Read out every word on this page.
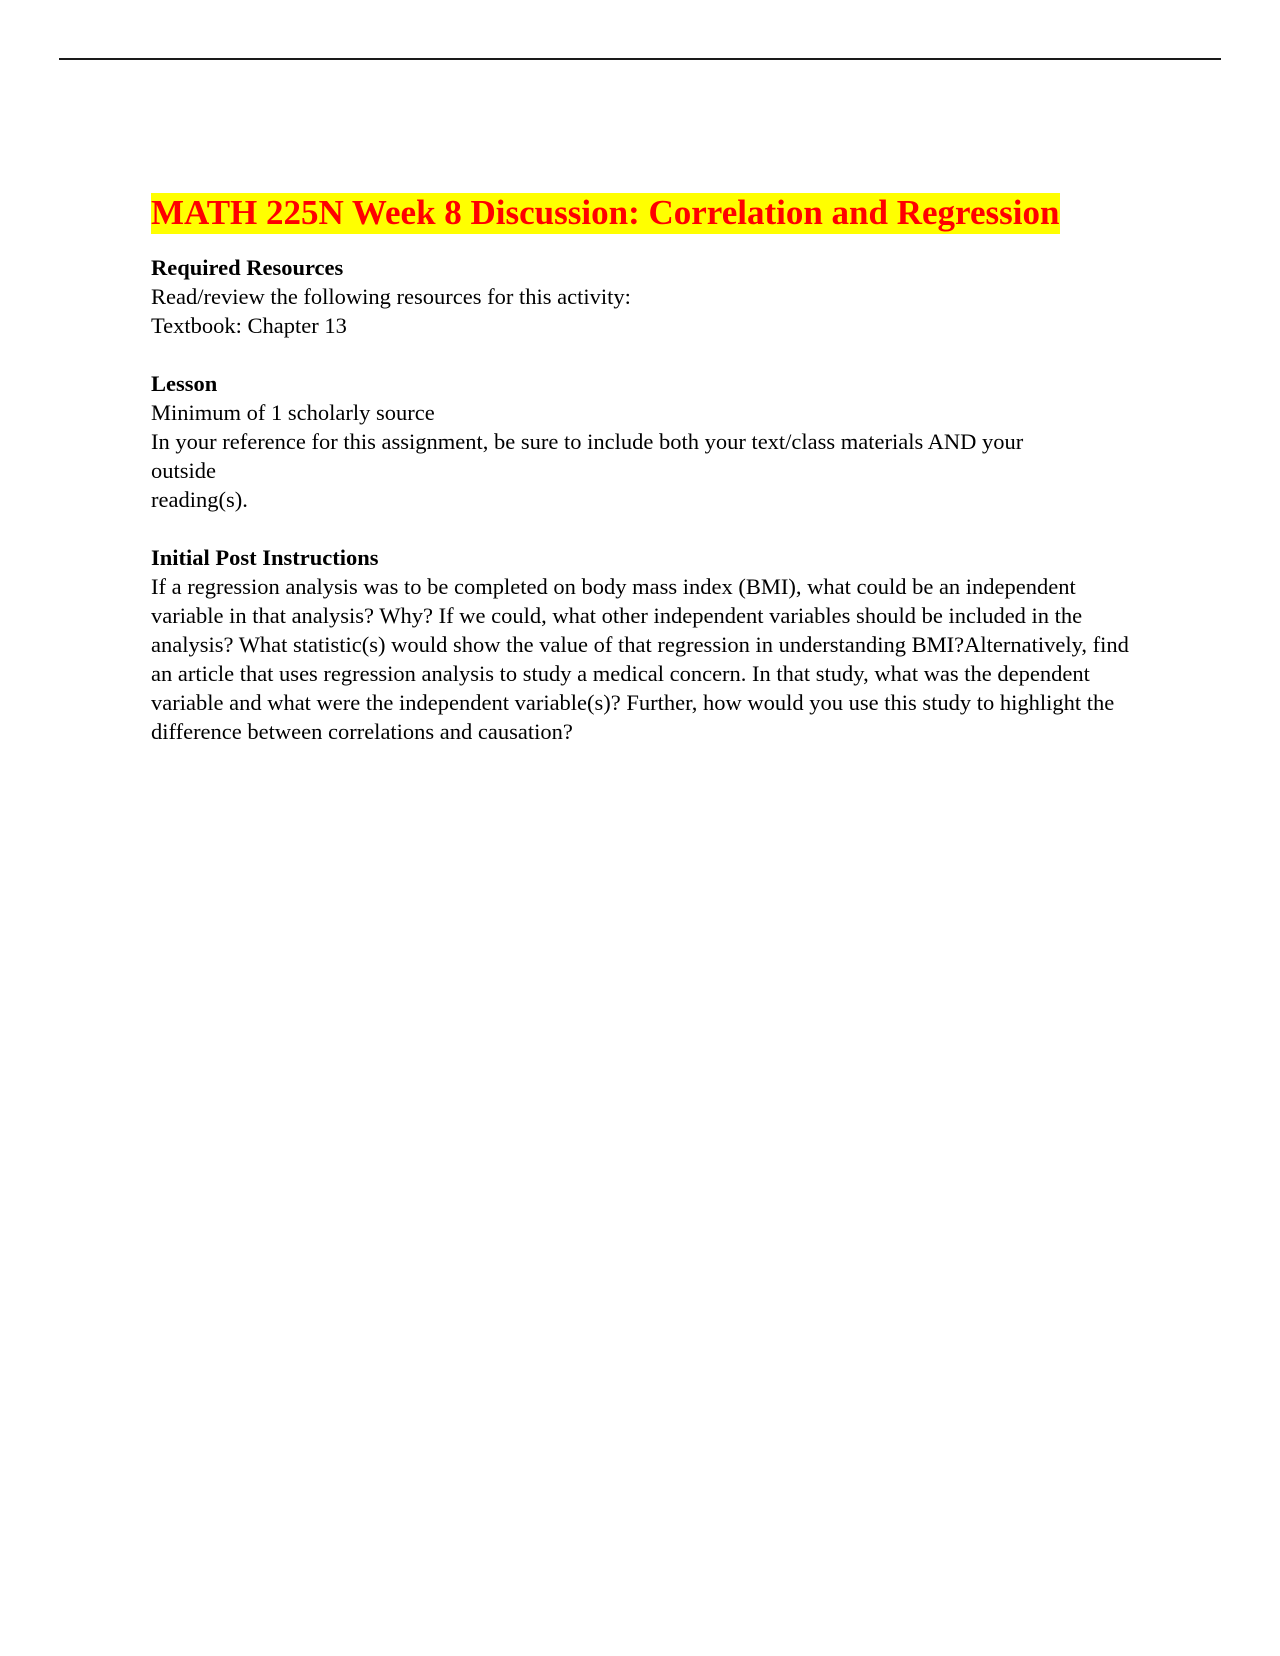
MATH 225N Week 8 Discussion: Correlation and Regression

Required Resources

Read/review the following resources for this activity:

Textbook: Chapter 13

Lesson

Minimum of 1 scholarly source

In your reference for this assignment, be sure to include both your text/class materials AND your

outside

reading(s).

Initial Post Instructions

If a regression analysis was to be completed on body mass index (BMI), what could be an independent variable in that analysis? Why? If we could, what other independent variables should be included in the analysis? What statistic(s) would show the value of that regression in understanding BMI?Alternatively, find an article that uses regression analysis to study a medical concern. In that study, what was the dependent variable and what were the independent variable(s)? Further, how would you use this study to highlight the difference between correlations and causation?
